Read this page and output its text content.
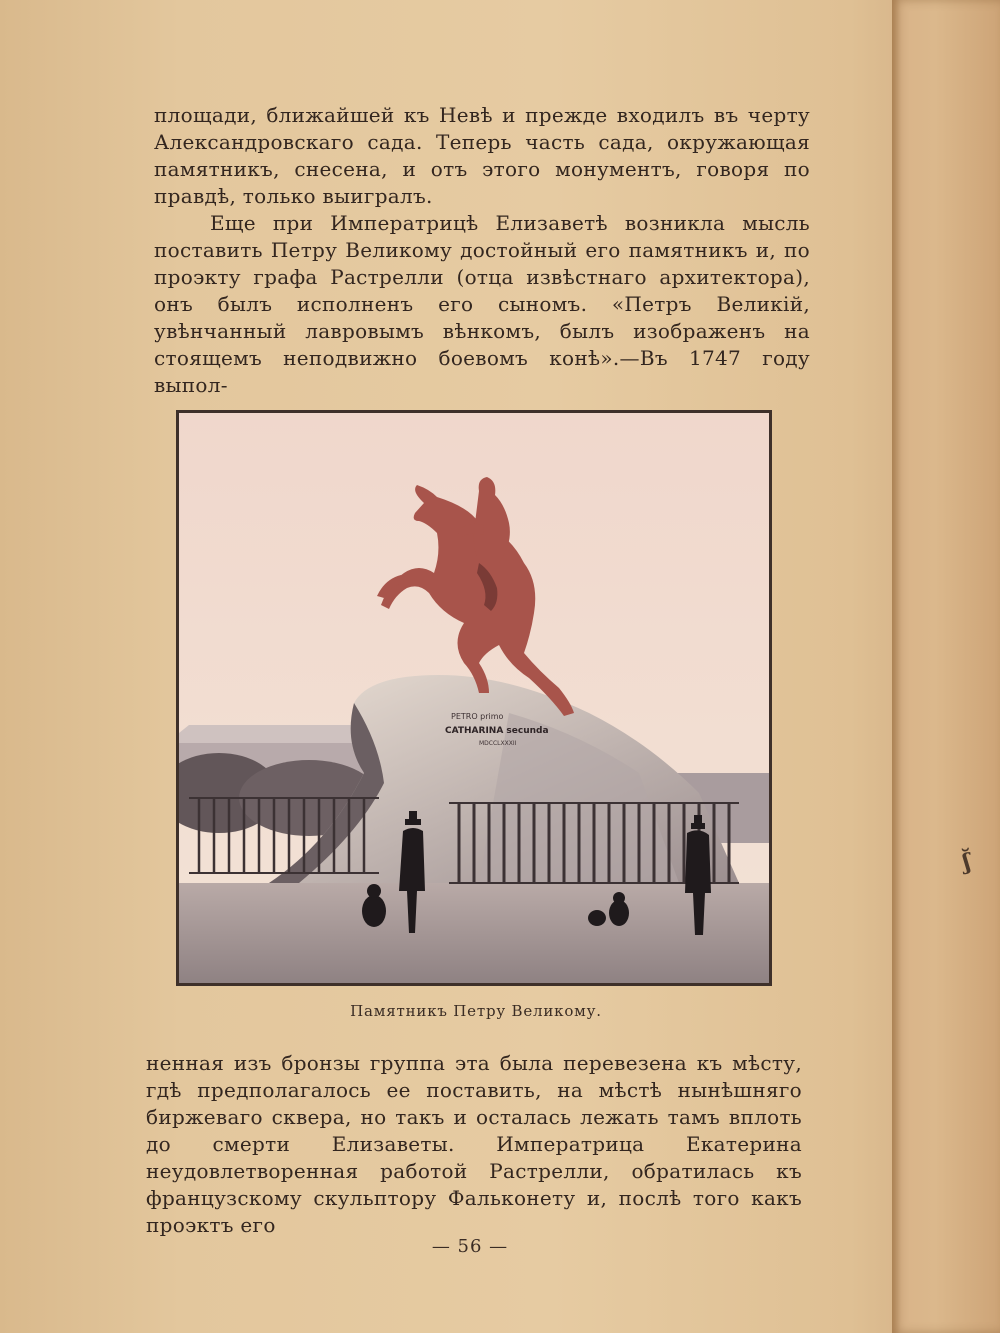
ʃ̆

площади, ближайшей къ Невѣ и прежде входилъ въ черту Александровскаго сада. Теперь часть сада, окружающая памятникъ, снесена, и отъ этого монументъ, говоря по правдѣ, только выигралъ.

Еще при Императрицѣ Елизаветѣ возникла мысль поставить Петру Великому достойный его памятникъ и, по проэкту графа Растрелли (отца извѣстнаго архитектора), онъ былъ исполненъ его сыномъ. «Петръ Великій, увѣнчанный лавровымъ вѣнкомъ, былъ изображенъ на стоящемъ неподвижно боевомъ конѣ».—Въ 1747 году выпол-

PETRO primo
CATHARINA secunda
MDCCLXXXII
Памятникъ Петру Великому.

ненная изъ бронзы группа эта была перевезена къ мѣсту, гдѣ предполагалось ее поставить, на мѣстѣ нынѣшняго биржеваго сквера, но такъ и осталась лежать тамъ вплоть до смерти Елизаветы. Императрица Екатерина неудовлетворенная работой Растрелли, обратилась къ французскому скульптору Фальконету и, послѣ того какъ проэктъ его

— 56 —
